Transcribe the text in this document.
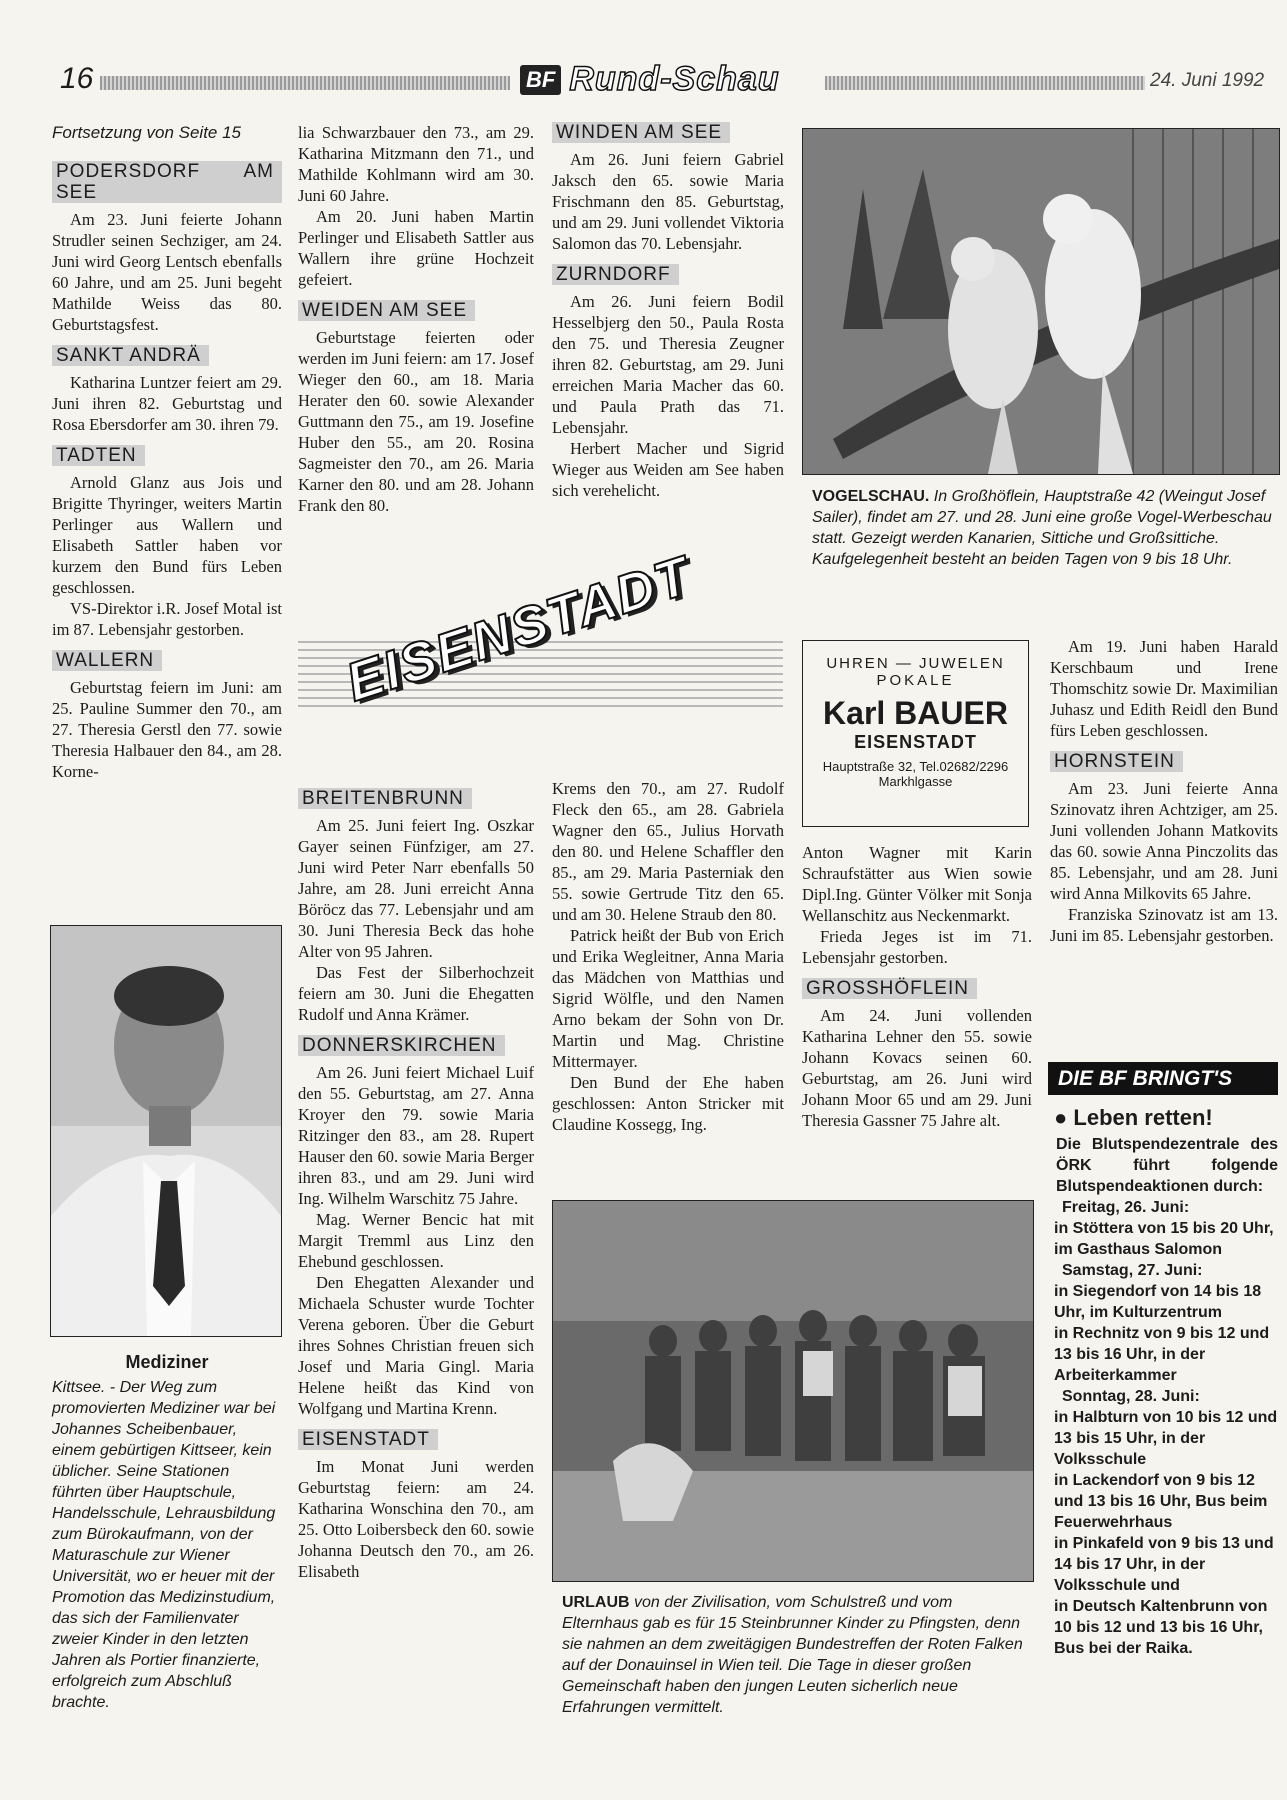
16	BF Rund-Schau	24. Juni 1992
Fortsetzung von Seite 15
PODERSDORF AM SEE

Am 23. Juni feierte Johann Strudler seinen Sechziger, am 24. Juni wird Georg Lentsch ebenfalls 60 Jahre, und am 25. Juni begeht Mathilde Weiss das 80. Geburtstagsfest.

SANKT ANDRÄ

Katharina Luntzer feiert am 29. Juni ihren 82. Geburtstag und Rosa Ebersdorfer am 30. ihren 79.

TADTEN

Arnold Glanz aus Jois und Brigitte Thyringer, weiters Martin Perlinger aus Wallern und Elisabeth Sattler haben vor kurzem den Bund fürs Leben geschlossen.

VS-Direktor i.R. Josef Motal ist im 87. Lebensjahr gestorben.

WALLERN

Geburtstag feiern im Juni: am 25. Pauline Summer den 70., am 27. Theresia Gerstl den 77. sowie Theresia Halbauer den 84., am 28. Korne-

Mediziner
Kittsee. - Der Weg zum promovierten Mediziner war bei Johannes Scheibenbauer, einem gebürtigen Kittseer, kein üblicher. Seine Stationen führten über Hauptschule, Handelsschule, Lehrausbildung zum Bürokaufmann, von der Maturaschule zur Wiener Universität, wo er heuer mit der Promotion das Medizinstudium, das sich der Familienvater zweier Kinder in den letzten Jahren als Portier finanzierte, erfolgreich zum Abschluß brachte.

lia Schwarzbauer den 73., am 29. Katharina Mitzmann den 71., und Mathilde Kohlmann wird am 30. Juni 60 Jahre.

Am 20. Juni haben Martin Perlinger und Elisabeth Sattler aus Wallern ihre grüne Hochzeit gefeiert.

WEIDEN AM SEE

Geburtstage feierten oder werden im Juni feiern: am 17. Josef Wieger den 60., am 18. Maria Herater den 60. sowie Alexander Guttmann den 75., am 19. Josefine Huber den 55., am 20. Rosina Sagmeister den 70., am 26. Maria Karner den 80. und am 28. Johann Frank den 80.

WINDEN AM SEE

Am 26. Juni feiern Gabriel Jaksch den 65. sowie Maria Frischmann den 85. Geburtstag, und am 29. Juni vollendet Viktoria Salomon das 70. Lebensjahr.

ZURNDORF

Am 26. Juni feiern Bodil Hesselbjerg den 50., Paula Rosta den 75. und Theresia Zeugner ihren 82. Geburtstag, am 29. Juni erreichen Maria Macher das 60. und Paula Prath das 71. Lebensjahr.

Herbert Macher und Sigrid Wieger aus Weiden am See haben sich verehelicht.	VOGELSCHAU. In Großhöflein, Hauptstraße 42 (Weingut Josef Sailer), findet am 27. und 28. Juni eine große Vogel-Werbeschau statt. Gezeigt werden Kanarien, Sittiche und Großsittiche. Kaufgelegenheit besteht an beiden Tagen von 9 bis 18 Uhr.
EISENSTADT	UHREN — JUWELEN
POKALE
Karl BAUER
EISENSTADT
Hauptstraße 32, Tel.02682/2296
Markhlgasse
BREITENBRUNN

Am 25. Juni feiert Ing. Oszkar Gayer seinen Fünfziger, am 27. Juni wird Peter Narr ebenfalls 50 Jahre, am 28. Juni erreicht Anna Böröcz das 77. Lebensjahr und am 30. Juni Theresia Beck das hohe Alter von 95 Jahren.

Das Fest der Silberhochzeit feiern am 30. Juni die Ehegatten Rudolf und Anna Krämer.

DONNERSKIRCHEN

Am 26. Juni feiert Michael Luif den 55. Geburtstag, am 27. Anna Kroyer den 79. sowie Maria Ritzinger den 83., am 28. Rupert Hauser den 60. sowie Maria Berger ihren 83., und am 29. Juni wird Ing. Wilhelm Warschitz 75 Jahre.

Mag. Werner Bencic hat mit Margit Tremml aus Linz den Ehebund geschlossen.

Den Ehegatten Alexander und Michaela Schuster wurde Tochter Verena geboren. Über die Geburt ihres Sohnes Christian freuen sich Josef und Maria Gingl. Maria Helene heißt das Kind von Wolfgang und Martina Krenn.

EISENSTADT

Im Monat Juni werden Geburtstag feiern: am 24. Katharina Wonschina den 70., am 25. Otto Loibersbeck den 60. sowie Johanna Deutsch den 70., am 26. Elisabeth

Krems den 70., am 27. Rudolf Fleck den 65., am 28. Gabriela Wagner den 65., Julius Horvath den 80. und Helene Schaffler den 85., am 29. Maria Pasterniak den 55. sowie Gertrude Titz den 65. und am 30. Helene Straub den 80.

Patrick heißt der Bub von Erich und Erika Wegleitner, Anna Maria das Mädchen von Matthias und Sigrid Wölfle, und den Namen Arno bekam der Sohn von Dr. Martin und Mag. Christine Mittermayer.

Den Bund der Ehe haben geschlossen: Anton Stricker mit Claudine Kossegg, Ing.

Anton Wagner mit Karin Schraufstätter aus Wien sowie Dipl.Ing. Günter Völker mit Sonja Wellanschitz aus Neckenmarkt.

Frieda Jeges ist im 71. Lebensjahr gestorben.

GROSSHÖFLEIN

Am 24. Juni vollenden Katharina Lehner den 55. sowie Johann Kovacs seinen 60. Geburtstag, am 26. Juni wird Johann Moor 65 und am 29. Juni Theresia Gassner 75 Jahre alt.

Am 19. Juni haben Harald Kerschbaum und Irene Thomschitz sowie Dr. Maximilian Juhasz und Edith Reidl den Bund fürs Leben geschlossen.

HORNSTEIN

Am 23. Juni feierte Anna Szinovatz ihren Achtziger, am 25. Juni vollenden Johann Matkovits das 60. sowie Anna Pinczolits das 85. Lebensjahr, und am 28. Juni wird Anna Milkovits 65 Jahre.

Franziska Szinovatz ist am 13. Juni im 85. Lebensjahr gestorben.

DIE BF BRINGT'S
● Leben retten!
Die Blutspendezentrale des ÖRK führt folgende Blutspendeaktionen durch:
Freitag, 26. Juni:
in Stöttera von 15 bis 20 Uhr, im Gasthaus Salomon
Samstag, 27. Juni:
in Siegendorf von 14 bis 18 Uhr, im Kulturzentrum
in Rechnitz von 9 bis 12 und 13 bis 16 Uhr, in der Arbeiterkammer
Sonntag, 28. Juni:
in Halbturn von 10 bis 12 und 13 bis 15 Uhr, in der Volksschule
in Lackendorf von 9 bis 12 und 13 bis 16 Uhr, Bus beim Feuerwehrhaus
in Pinkafeld von 9 bis 13 und 14 bis 17 Uhr, in der Volksschule und
in Deutsch Kaltenbrunn von 10 bis 12 und 13 bis 16 Uhr, Bus bei der Raika.
URLAUB von der Zivilisation, vom Schulstreß und vom Elternhaus gab es für 15 Steinbrunner Kinder zu Pfingsten, denn sie nahmen an dem zweitägigen Bundestreffen der Roten Falken auf der Donauinsel in Wien teil. Die Tage in dieser großen Gemeinschaft haben den jungen Leuten sicherlich neue Erfahrungen vermittelt.
